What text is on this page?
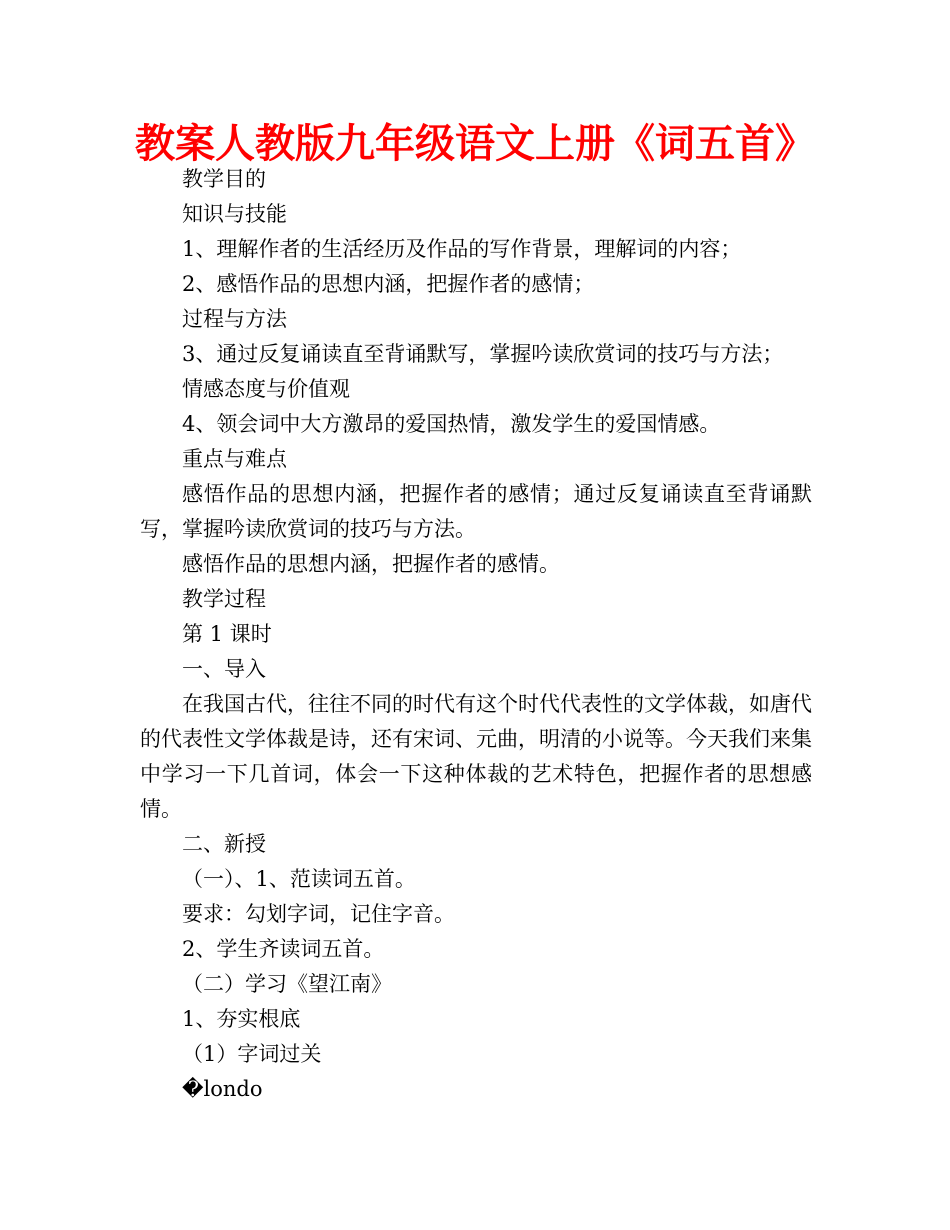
教案人教版九年级语文上册《词五首》
教学目的
知识与技能
1、理解作者的生活经历及作品的写作背景，理解词的内容；
2、感悟作品的思想内涵，把握作者的感情；
过程与方法
3、通过反复诵读直至背诵默写，掌握吟读欣赏词的技巧与方法；
情感态度与价值观
4、领会词中大方激昂的爱国热情，激发学生的爱国情感。
重点与难点
感悟作品的思想内涵，把握作者的感情；通过反复诵读直至背诵默写，掌握吟读欣赏词的技巧与方法。
感悟作品的思想内涵，把握作者的感情。
教学过程
第 1 课时
一、导入
在我国古代，往往不同的时代有这个时代代表性的文学体裁，如唐代的代表性文学体裁是诗，还有宋词、元曲，明清的小说等。今天我们来集中学习一下几首词，体会一下这种体裁的艺术特色，把握作者的思想感情。
二、新授
（一）、1、范读词五首。
要求：勾划字词，记住字音。
2、学生齐读词五首。
（二）学习《望江南》
1、夯实根底
（1）字词过关
�londo
